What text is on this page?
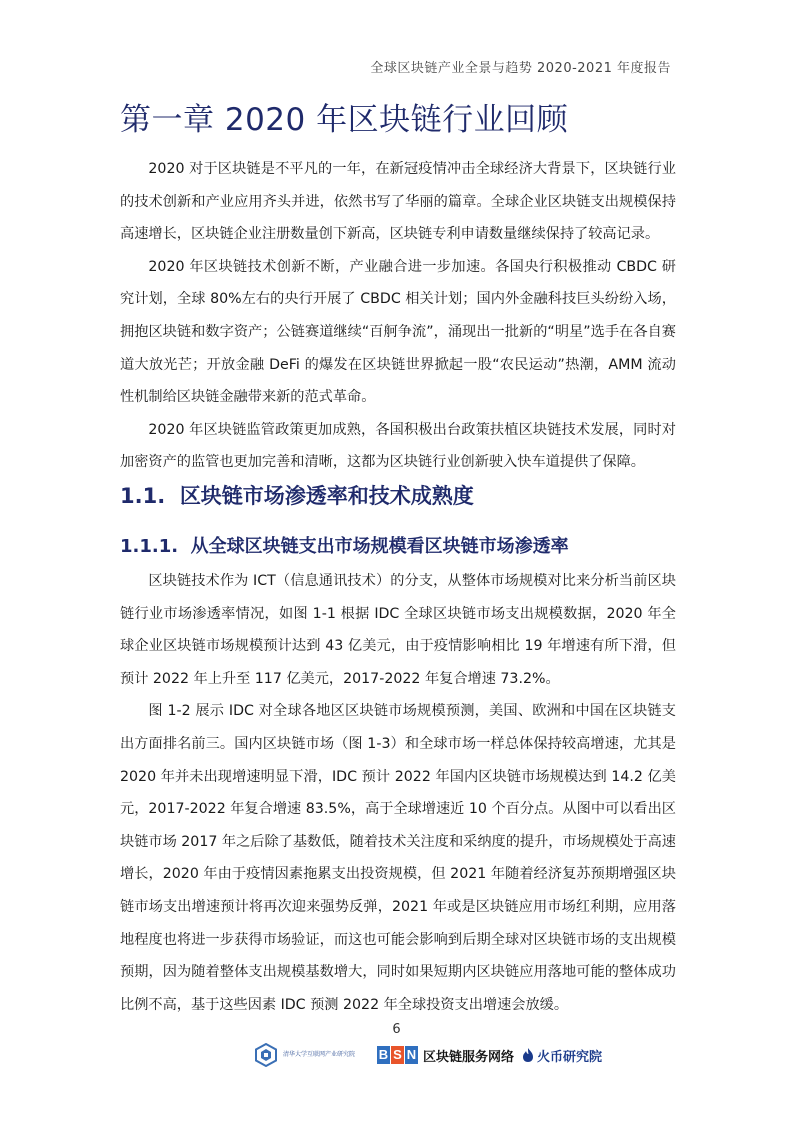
全球区块链产业全景与趋势 2020-2021 年度报告
第一章 2020 年区块链行业回顾

2020 对于区块链是不平凡的一年，在新冠疫情冲击全球经济大背景下，区块链行业的技术创新和产业应用齐头并进，依然书写了华丽的篇章。全球企业区块链支出规模保持高速增长，区块链企业注册数量创下新高，区块链专利申请数量继续保持了较高记录。

2020 年区块链技术创新不断，产业融合进一步加速。各国央行积极推动 CBDC 研究计划，全球 80%左右的央行开展了 CBDC 相关计划；国内外金融科技巨头纷纷入场，拥抱区块链和数字资产；公链赛道继续“百舸争流”，涌现出一批新的“明星”选手在各自赛道大放光芒；开放金融 DeFi 的爆发在区块链世界掀起一股“农民运动”热潮，AMM 流动性机制给区块链金融带来新的范式革命。

2020 年区块链监管政策更加成熟，各国积极出台政策扶植区块链技术发展，同时对加密资产的监管也更加完善和清晰，这都为区块链行业创新驶入快车道提供了保障。

1.1. 区块链市场渗透率和技术成熟度
1.1.1. 从全球区块链支出市场规模看区块链市场渗透率

区块链技术作为 ICT（信息通讯技术）的分支，从整体市场规模对比来分析当前区块链行业市场渗透率情况，如图 1-1 根据 IDC 全球区块链市场支出规模数据，2020 年全球企业区块链市场规模预计达到 43 亿美元，由于疫情影响相比 19 年增速有所下滑，但预计 2022 年上升至 117 亿美元，2017-2022 年复合增速 73.2%。

图 1-2 展示 IDC 对全球各地区区块链市场规模预测，美国、欧洲和中国在区块链支出方面排名前三。国内区块链市场（图 1-3）和全球市场一样总体保持较高增速，尤其是 2020 年并未出现增速明显下滑，IDC 预计 2022 年国内区块链市场规模达到 14.2 亿美元，2017-2022 年复合增速 83.5%，高于全球增速近 10 个百分点。从图中可以看出区块链市场 2017 年之后除了基数低，随着技术关注度和采纳度的提升，市场规模处于高速增长，2020 年由于疫情因素拖累支出投资规模，但 2021 年随着经济复苏预期增强区块链市场支出增速预计将再次迎来强势反弹，2021 年或是区块链应用市场红利期，应用落地程度也将进一步获得市场验证，而这也可能会影响到后期全球对区块链市场的支出规模预期，因为随着整体支出规模基数增大，同时如果短期内区块链应用落地可能的整体成功比例不高，基于这些因素 IDC 预测 2022 年全球投资支出增速会放缓。

6
清华大学互联网产业研究院	B S N 区块链服务网络 火币研究院
